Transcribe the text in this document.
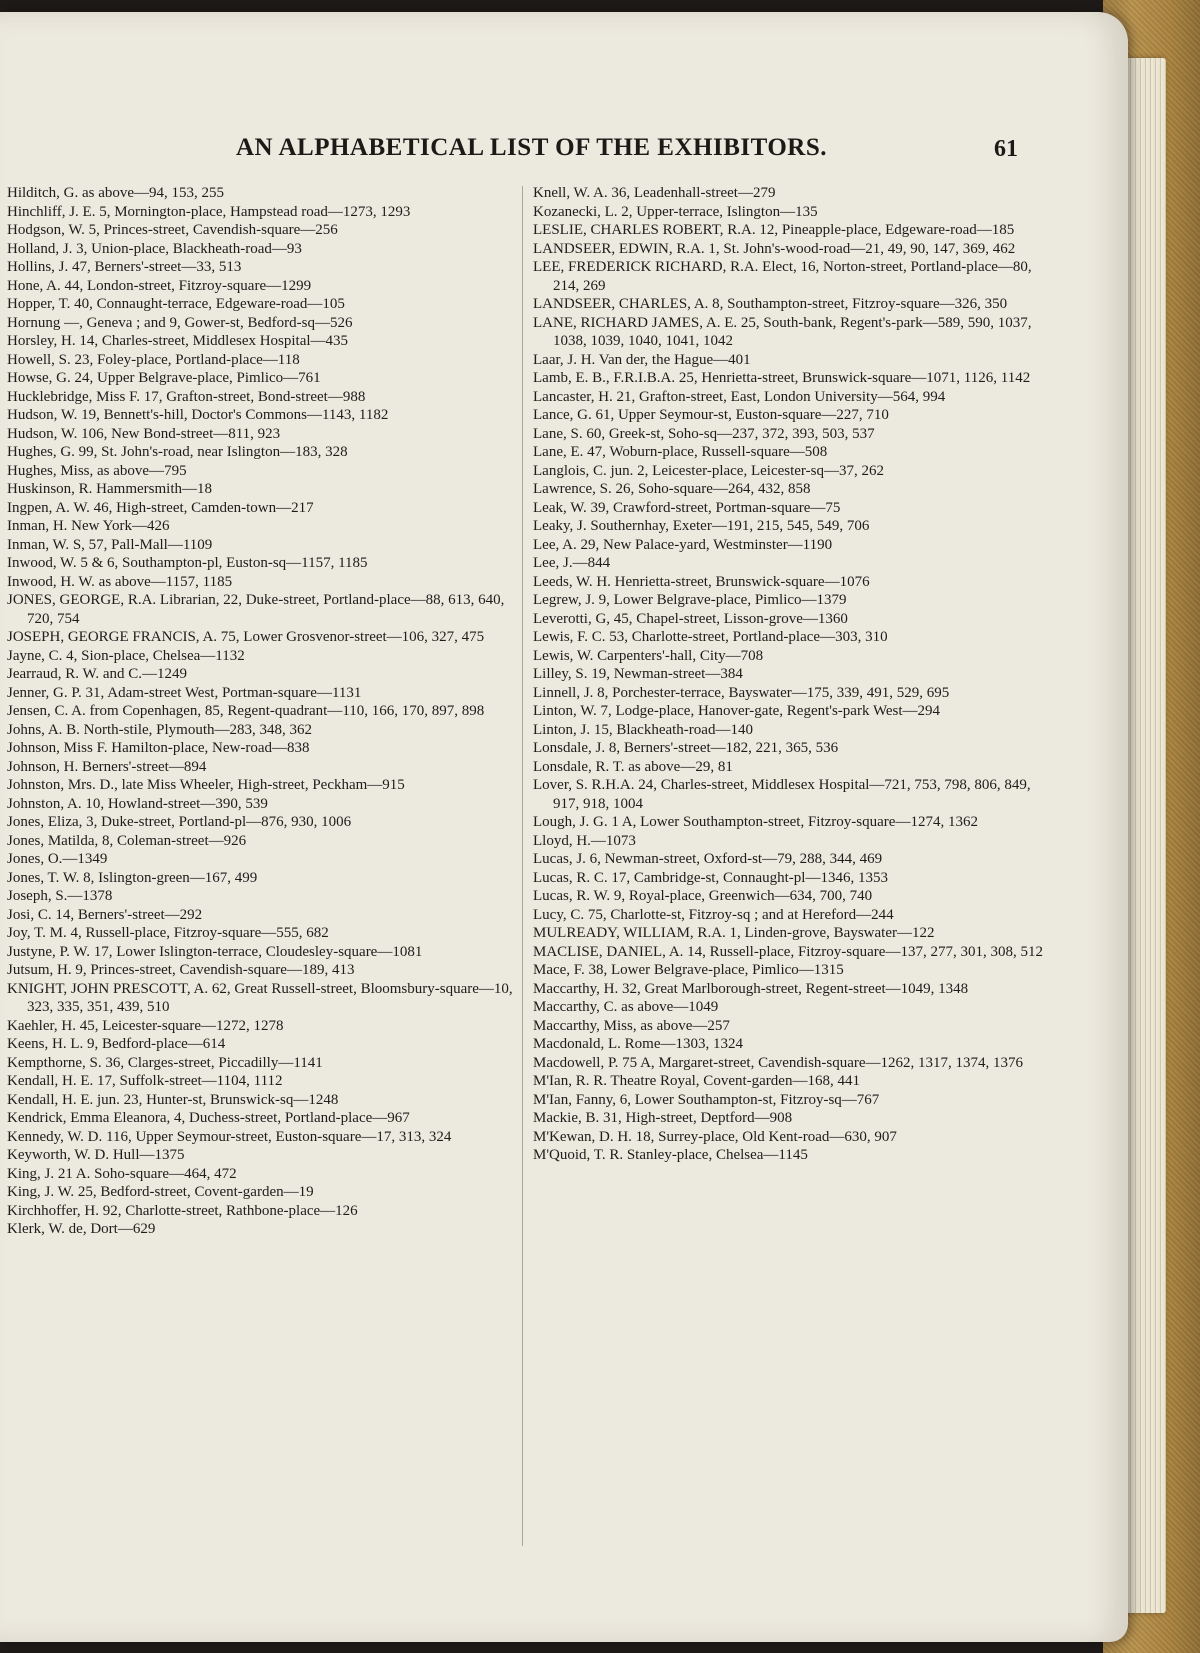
AN ALPHABETICAL LIST OF THE EXHIBITORS.	61

Hilditch, G. as above—94, 153, 255

Hinchliff, J. E. 5, Mornington-place, Hampstead road—1273, 1293

Hodgson, W. 5, Princes-street, Cavendish-square—256

Holland, J. 3, Union-place, Blackheath-road—93

Hollins, J. 47, Berners'-street—33, 513

Hone, A. 44, London-street, Fitzroy-square—1299

Hopper, T. 40, Connaught-terrace, Edgeware-road—105

Hornung —, Geneva ; and 9, Gower-st, Bedford-sq—526

Horsley, H. 14, Charles-street, Middlesex Hospital—435

Howell, S. 23, Foley-place, Portland-place—118

Howse, G. 24, Upper Belgrave-place, Pimlico—761

Hucklebridge, Miss F. 17, Grafton-street, Bond-street—988

Hudson, W. 19, Bennett's-hill, Doctor's Commons—1143, 1182

Hudson, W. 106, New Bond-street—811, 923

Hughes, G. 99, St. John's-road, near Islington—183, 328

Hughes, Miss, as above—795

Huskinson, R. Hammersmith—18

Ingpen, A. W. 46, High-street, Camden-town—217

Inman, H. New York—426

Inman, W. S, 57, Pall-Mall—1109

Inwood, W. 5 & 6, Southampton-pl, Euston-sq—1157, 1185

Inwood, H. W. as above—1157, 1185

JONES, GEORGE, R.A. Librarian, 22, Duke-street, Portland-place—88, 613, 640, 720, 754

JOSEPH, GEORGE FRANCIS, A. 75, Lower Grosvenor-street—106, 327, 475

Jayne, C. 4, Sion-place, Chelsea—1132

Jearraud, R. W. and C.—1249

Jenner, G. P. 31, Adam-street West, Portman-square—1131

Jensen, C. A. from Copenhagen, 85, Regent-quadrant—110, 166, 170, 897, 898

Johns, A. B. North-stile, Plymouth—283, 348, 362

Johnson, Miss F. Hamilton-place, New-road—838

Johnson, H. Berners'-street—894

Johnston, Mrs. D., late Miss Wheeler, High-street, Peckham—915

Johnston, A. 10, Howland-street—390, 539

Jones, Eliza, 3, Duke-street, Portland-pl—876, 930, 1006

Jones, Matilda, 8, Coleman-street—926

Jones, O.—1349

Jones, T. W. 8, Islington-green—167, 499

Joseph, S.—1378

Josi, C. 14, Berners'-street—292

Joy, T. M. 4, Russell-place, Fitzroy-square—555, 682

Justyne, P. W. 17, Lower Islington-terrace, Cloudesley-square—1081

Jutsum, H. 9, Princes-street, Cavendish-square—189, 413

KNIGHT, JOHN PRESCOTT, A. 62, Great Russell-street, Bloomsbury-square—10, 323, 335, 351, 439, 510

Kaehler, H. 45, Leicester-square—1272, 1278

Keens, H. L. 9, Bedford-place—614

Kempthorne, S. 36, Clarges-street, Piccadilly—1141

Kendall, H. E. 17, Suffolk-street—1104, 1112

Kendall, H. E. jun. 23, Hunter-st, Brunswick-sq—1248

Kendrick, Emma Eleanora, 4, Duchess-street, Portland-place—967

Kennedy, W. D. 116, Upper Seymour-street, Euston-square—17, 313, 324

Keyworth, W. D. Hull—1375

King, J. 21 A. Soho-square—464, 472

King, J. W. 25, Bedford-street, Covent-garden—19

Kirchhoffer, H. 92, Charlotte-street, Rathbone-place—126

Klerk, W. de, Dort—629

Knell, W. A. 36, Leadenhall-street—279

Kozanecki, L. 2, Upper-terrace, Islington—135

LESLIE, CHARLES ROBERT, R.A. 12, Pineapple-place, Edgeware-road—185

LANDSEER, EDWIN, R.A. 1, St. John's-wood-road—21, 49, 90, 147, 369, 462

LEE, FREDERICK RICHARD, R.A. Elect, 16, Norton-street, Portland-place—80, 214, 269

LANDSEER, CHARLES, A. 8, Southampton-street, Fitzroy-square—326, 350

LANE, RICHARD JAMES, A. E. 25, South-bank, Regent's-park—589, 590, 1037, 1038, 1039, 1040, 1041, 1042

Laar, J. H. Van der, the Hague—401

Lamb, E. B., F.R.I.B.A. 25, Henrietta-street, Brunswick-square—1071, 1126, 1142

Lancaster, H. 21, Grafton-street, East, London University—564, 994

Lance, G. 61, Upper Seymour-st, Euston-square—227, 710

Lane, S. 60, Greek-st, Soho-sq—237, 372, 393, 503, 537

Lane, E. 47, Woburn-place, Russell-square—508

Langlois, C. jun. 2, Leicester-place, Leicester-sq—37, 262

Lawrence, S. 26, Soho-square—264, 432, 858

Leak, W. 39, Crawford-street, Portman-square—75

Leaky, J. Southernhay, Exeter—191, 215, 545, 549, 706

Lee, A. 29, New Palace-yard, Westminster—1190

Lee, J.—844

Leeds, W. H. Henrietta-street, Brunswick-square—1076

Legrew, J. 9, Lower Belgrave-place, Pimlico—1379

Leverotti, G, 45, Chapel-street, Lisson-grove—1360

Lewis, F. C. 53, Charlotte-street, Portland-place—303, 310

Lewis, W. Carpenters'-hall, City—708

Lilley, S. 19, Newman-street—384

Linnell, J. 8, Porchester-terrace, Bayswater—175, 339, 491, 529, 695

Linton, W. 7, Lodge-place, Hanover-gate, Regent's-park West—294

Linton, J. 15, Blackheath-road—140

Lonsdale, J. 8, Berners'-street—182, 221, 365, 536

Lonsdale, R. T. as above—29, 81

Lover, S. R.H.A. 24, Charles-street, Middlesex Hospital—721, 753, 798, 806, 849, 917, 918, 1004

Lough, J. G. 1 A, Lower Southampton-street, Fitzroy-square—1274, 1362

Lloyd, H.—1073

Lucas, J. 6, Newman-street, Oxford-st—79, 288, 344, 469

Lucas, R. C. 17, Cambridge-st, Connaught-pl—1346, 1353

Lucas, R. W. 9, Royal-place, Greenwich—634, 700, 740

Lucy, C. 75, Charlotte-st, Fitzroy-sq ; and at Hereford—244

MULREADY, WILLIAM, R.A. 1, Linden-grove, Bayswater—122

MACLISE, DANIEL, A. 14, Russell-place, Fitzroy-square—137, 277, 301, 308, 512

Mace, F. 38, Lower Belgrave-place, Pimlico—1315

Maccarthy, H. 32, Great Marlborough-street, Regent-street—1049, 1348

Maccarthy, C. as above—1049

Maccarthy, Miss, as above—257

Macdonald, L. Rome—1303, 1324

Macdowell, P. 75 A, Margaret-street, Cavendish-square—1262, 1317, 1374, 1376

M'Ian, R. R. Theatre Royal, Covent-garden—168, 441

M'Ian, Fanny, 6, Lower Southampton-st, Fitzroy-sq—767

Mackie, B. 31, High-street, Deptford—908

M'Kewan, D. H. 18, Surrey-place, Old Kent-road—630, 907

M'Quoid, T. R. Stanley-place, Chelsea—1145
